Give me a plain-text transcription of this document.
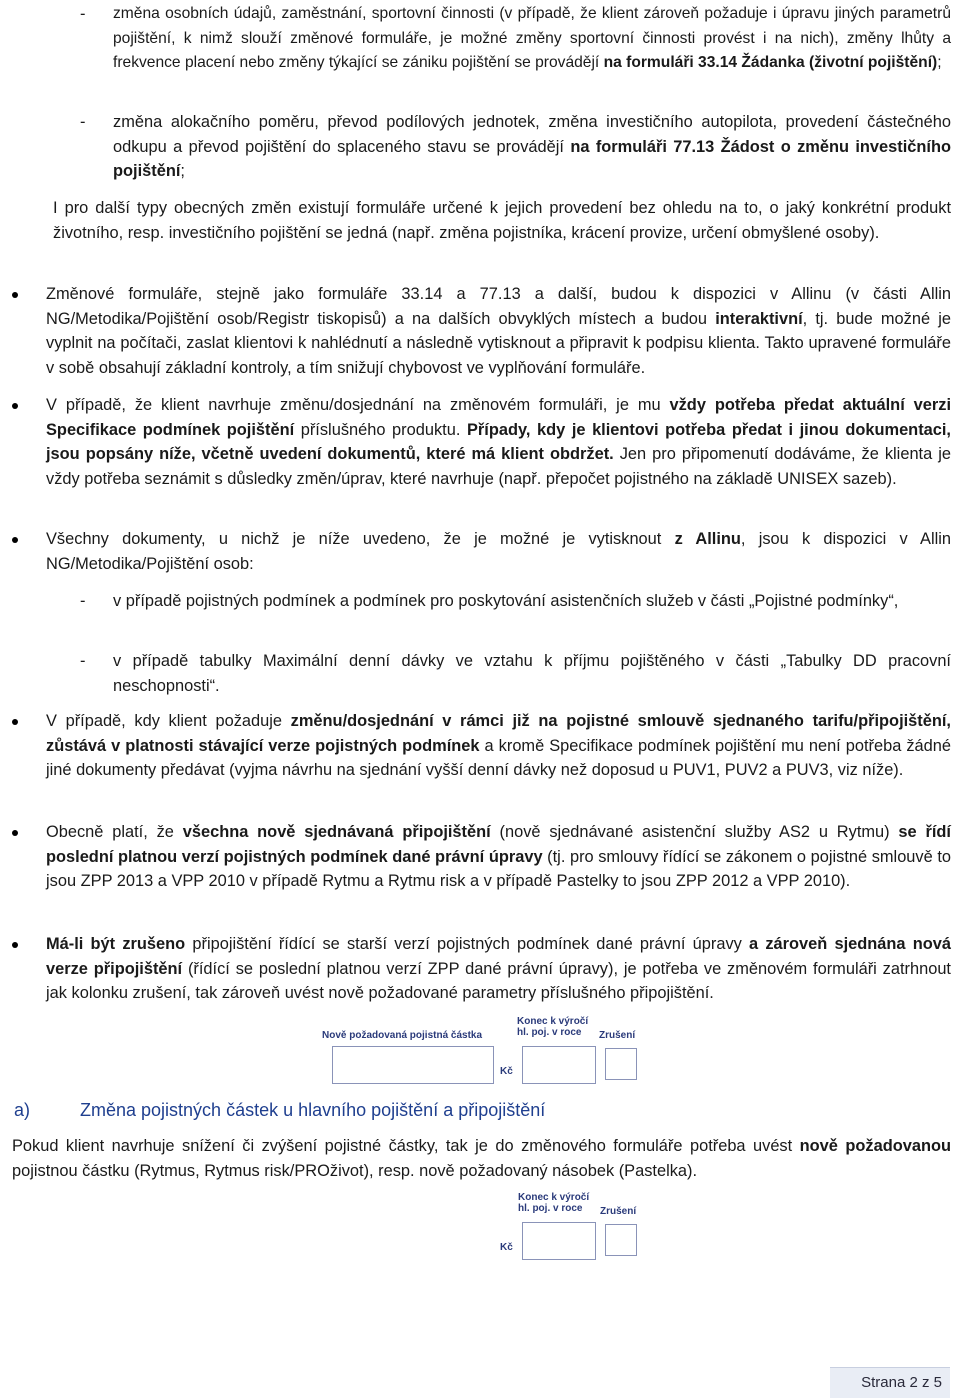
- změna osobních údajů, zaměstnání, sportovní činnosti (v případě, že klient zároveň požaduje i úpravu jiných parametrů pojištění, k nimž slouží změnové formuláře, je možné změny sportovní činnosti provést i na nich), změny lhůty a frekvence placení nebo změny týkající se zániku pojištění se provádějí na formuláři 33.14 Žádanka (životní pojištění);

- změna alokačního poměru, převod podílových jednotek, změna investičního autopilota, provedení částečného odkupu a převod pojištění do splaceného stavu se provádějí na formuláři 77.13 Žádost o změnu investičního pojištění;

I pro další typy obecných změn existují formuláře určené k jejich provedení bez ohledu na to, o jaký konkrétní produkt životního, resp. investičního pojištění se jedná (např. změna pojistníka, krácení provize, určení obmyšlené osoby).

Změnové formuláře, stejně jako formuláře 33.14 a 77.13 a další, budou k dispozici v Allinu (v části Allin NG/Metodika/Pojištění osob/Registr tiskopisů) a na dalších obvyklých místech a budou interaktivní, tj. bude možné je vyplnit na počítači, zaslat klientovi k nahlédnutí a následně vytisknout a připravit k podpisu klienta. Takto upravené formuláře v sobě obsahují základní kontroly, a tím snižují chybovost ve vyplňování formuláře.

V případě, že klient navrhuje změnu/dosjednání na změnovém formuláři, je mu vždy potřeba předat aktuální verzi Specifikace podmínek pojištění příslušného produktu. Případy, kdy je klientovi potřeba předat i jinou dokumentaci, jsou popsány níže, včetně uvedení dokumentů, které má klient obdržet. Jen pro připomenutí dodáváme, že klienta je vždy potřeba seznámit s důsledky změn/úprav, které navrhuje (např. přepočet pojistného na základě UNISEX sazeb).

Všechny dokumenty, u nichž je níže uvedeno, že je možné je vytisknout z Allinu, jsou k dispozici v Allin NG/Metodika/Pojištění osob:

- v případě pojistných podmínek a podmínek pro poskytování asistenčních služeb v části „Pojistné podmínky“,

- v případě tabulky Maximální denní dávky ve vztahu k příjmu pojištěného v části „Tabulky DD pracovní neschopnosti“.

V případě, kdy klient požaduje změnu/dosjednání v rámci již na pojistné smlouvě sjednaného tarifu/připojištění, zůstává v platnosti stávající verze pojistných podmínek a kromě Specifikace podmínek pojištění mu není potřeba žádné jiné dokumenty předávat (vyjma návrhu na sjednání vyšší denní dávky než doposud u PUV1, PUV2 a PUV3, viz níže).

Obecně platí, že všechna nově sjednávaná připojištění (nově sjednávané asistenční služby AS2 u Rytmu) se řídí poslední platnou verzí pojistných podmínek dané právní úpravy (tj. pro smlouvy řídící se zákonem o pojistné smlouvě to jsou ZPP 2013 a VPP 2010 v případě Rytmu a Rytmu risk a v případě Pastelky to jsou ZPP 2012 a VPP 2010).

Má-li být zrušeno připojištění řídící se starší verzí pojistných podmínek dané právní úpravy a zároveň sjednána nová verze připojištění (řídící se poslední platnou verzí ZPP dané právní úpravy), je potřeba ve změnovém formuláři zatrhnout jak kolonku zrušení, tak zároveň uvést nově požadované parametry příslušného připojištění.

Nově požadovaná pojistná částka
Konec k výročí
hl. poj. v roce	Zrušení
Kč
a)	Změna pojistných částek u hlavního pojištění a připojištění

Pokud klient navrhuje snížení či zvýšení pojistné částky, tak je do změnového formuláře potřeba uvést nově požadovanou pojistnou částku (Rytmus, Rytmus risk/PROživot), resp. nově požadovaný násobek (Pastelka).

Konec k výročí
hl. poj. v roce	Zrušení
Kč
Strana 2 z 5
